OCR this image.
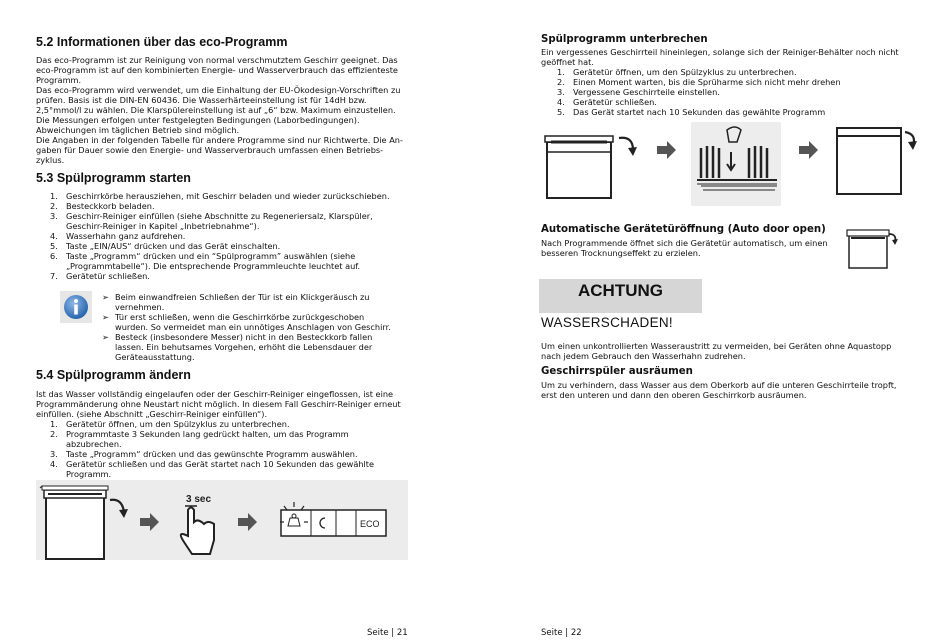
5.2 Informationen über das eco-Programm
Das eco-Programm ist zur Reinigung von normal verschmutztem Geschirr geeignet. Das
eco-Programm ist auf den kombinierten Energie- und Wasserverbrauch das effizienteste
Programm.
Das eco-Programm wird verwendet, um die Einhaltung der EU-Ökodesign-Vorschriften zu
prüfen. Basis ist die DIN-EN 60436. Die Wasserhärteeinstellung ist für 14dH bzw.
2,5°mmol/l zu wählen. Die Klarspülereinstellung ist auf „6“ bzw. Maximum einzustellen.
Die Messungen erfolgen unter festgelegten Bedingungen (Laborbedingungen).
Abweichungen im täglichen Betrieb sind möglich.
Die Angaben in der folgenden Tabelle für andere Programme sind nur Richtwerte. Die An-
gaben für Dauer sowie den Energie- und Wasserverbrauch umfassen einen Betriebs-
zyklus.
5.3 Spülprogramm starten
1. Geschirrkörbe herausziehen, mit Geschirr beladen und wieder zurückschieben.
2. Besteckkorb beladen.
3. Geschirr-Reiniger einfüllen (siehe Abschnitte zu Regeneriersalz, Klarspüler,
Geschirr-Reiniger in Kapitel „Inbetriebnahme“).
4. Wasserhahn ganz aufdrehen.
5. Taste „EIN/AUS“ drücken und das Gerät einschalten.
6. Taste „Programm“ drücken und ein “Spülprogramm” auswählen (siehe
„Programmtabelle“). Die entsprechende Programmleuchte leuchtet auf.
7. Gerätetür schließen.
➢ Beim einwandfreien Schließen der Tür ist ein Klickgeräusch zu
vernehmen.
➢ Tür erst schließen, wenn die Geschirrkörbe zurückgeschoben
wurden. So vermeidet man ein unnötiges Anschlagen von Geschirr.
➢ Besteck (insbesondere Messer) nicht in den Besteckkorb fallen
lassen. Ein behutsames Vorgehen, erhöht die Lebensdauer der
Geräteausstattung.
5.4 Spülprogramm ändern
Ist das Wasser vollständig eingelaufen oder der Geschirr-Reiniger eingeflossen, ist eine
Programmänderung ohne Neustart nicht möglich. In diesem Fall Geschirr-Reiniger erneut
einfüllen. (siehe Abschnitt „Geschirr-Reiniger einfüllen“).
1. Gerätetür öffnen, um den Spülzyklus zu unterbrechen.
2. Programmtaste 3 Sekunden lang gedrückt halten, um das Programm
abzubrechen.
3. Taste „Programm“ drücken und das gewünschte Programm auswählen.
4. Gerätetür schließen und das Gerät startet nach 10 Sekunden das gewählte
Programm.
3 sec
ECO
Seite | 21
Spülprogramm unterbrechen
Ein vergessenes Geschirrteil hineinlegen, solange sich der Reiniger-Behälter noch nicht
geöffnet hat.
1. Gerätetür öffnen, um den Spülzyklus zu unterbrechen.
2. Einen Moment warten, bis die Sprüharme sich nicht mehr drehen
3. Vergessene Geschirrteile einstellen.
4. Gerätetür schließen.
5. Das Gerät startet nach 10 Sekunden das gewählte Programm
Automatische Gerätetüröffnung (Auto door open)
Nach Programmende öffnet sich die Gerätetür automatisch, um einen
besseren Trocknungseffekt zu erzielen.
ACHTUNG
WASSERSCHADEN!
Um einen unkontrollierten Wasseraustritt zu vermeiden, bei Geräten ohne Aquastopp
nach jedem Gebrauch den Wasserhahn zudrehen.
Geschirrspüler ausräumen
Um zu verhindern, dass Wasser aus dem Oberkorb auf die unteren Geschirrteile tropft,
erst den unteren und dann den oberen Geschirrkorb ausräumen.
Seite | 22
